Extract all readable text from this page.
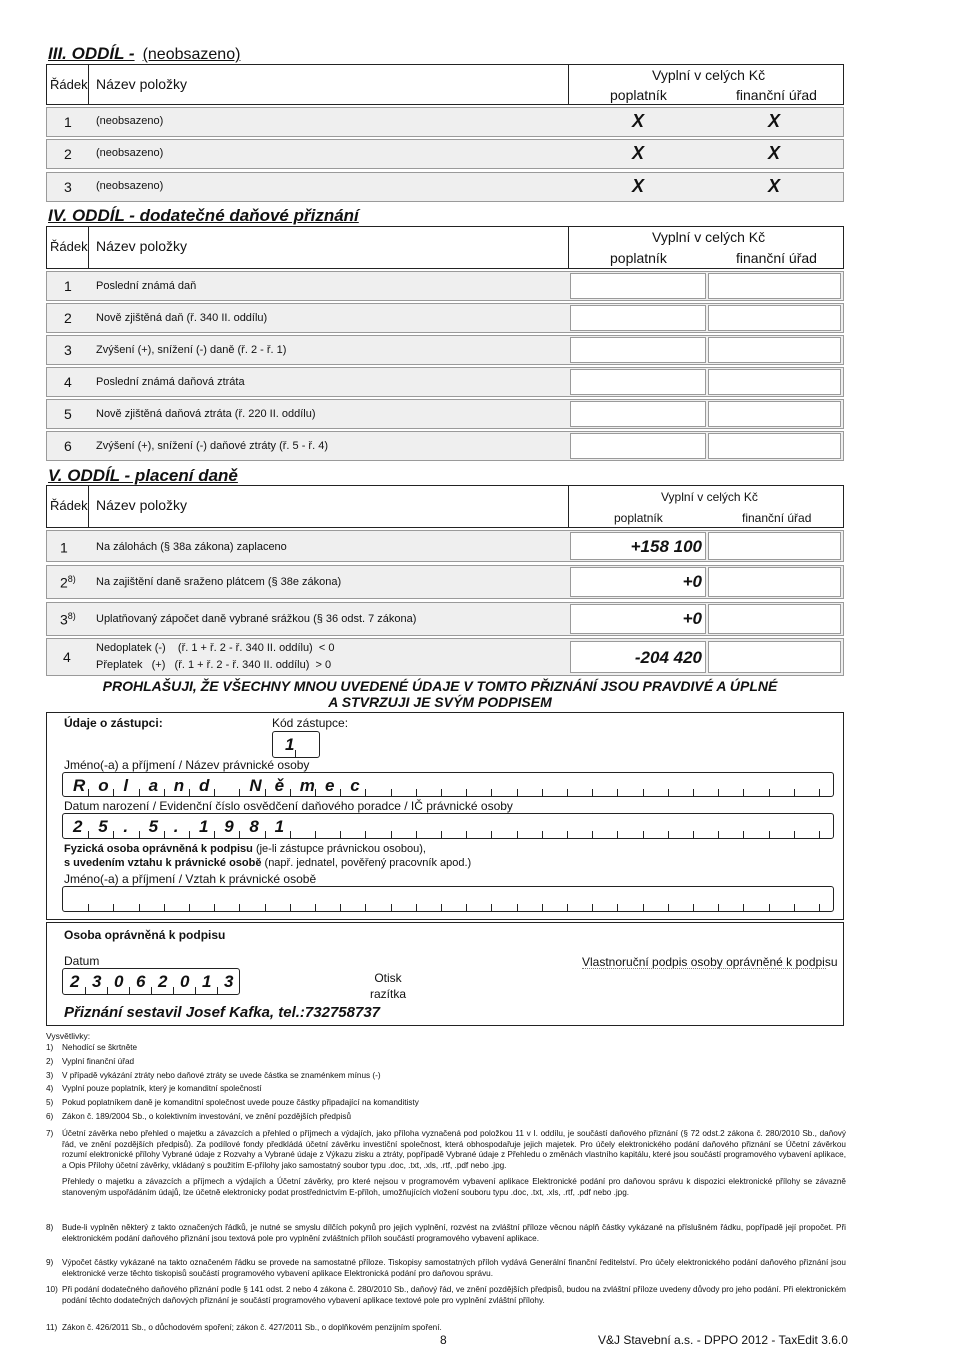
III. ODDÍL - (neobsazeno)
Řádek Název položky
Vyplní v celých Kč
poplatník	finanční úřad
1 (neobsazeno)	X	X
2 (neobsazeno)	X	X
3 (neobsazeno)	X	X
IV. ODDÍL - dodatečné daňové přiznání
Řádek Název položky
Vyplní v celých Kč
poplatník	finanční úřad
1 Poslední známá daň
2 Nově zjištěná daň (ř. 340 II. oddílu)
3 Zvýšení (+), snížení (-) daně (ř. 2 - ř. 1)
4 Poslední známá daňová ztráta
5 Nově zjištěná daňová ztráta (ř. 220 II. oddílu)
6 Zvýšení (+), snížení (-) daňové ztráty (ř. 5 - ř. 4)
V. ODDÍL - placení daně
Řádek Název položky	Vyplní v celých Kč
poplatník	finanční úřad
1	Na zálohách (§ 38a zákona) zaplaceno	+158 100
2$^{8)}$ Na zajištění daně sraženo plátcem (§ 38e zákona)	+0
3$^{8)}$ Uplatňovaný zápočet daně vybrané srážkou (§ 36 odst. 7 zákona)	+0
4
Nedoplatek (-)    (ř. 1 + ř. 2 - ř. 340 II. oddílu)  < 0
Přeplatek   (+)   (ř. 1 + ř. 2 - ř. 340 II. oddílu)  > 0	-204 420
PROHLAŠUJI, ŽE VŠECHNY MNOU UVEDENÉ ÚDAJE V TOMTO PŘIZNÁNÍ JSOU PRAVDIVÉ A ÚPLNÉ
A STVRZUJI JE SVÝM PODPISEM
Údaje o zástupci:	Kód zástupce:
1
Jméno(-a) a příjmení / Název právnické osoby
R o l a n d N ě m e c
Datum narození / Evidenční číslo osvědčení daňového poradce / IČ právnické osoby
2 5 . 5 . 1 9 8 1
Fyzická osoba oprávněná k podpisu (je-li zástupce právnickou osobou),
s uvedením vztahu k právnické osobě (např. jednatel, pověřený pracovník apod.)
Jméno(-a) a příjmení / Vztah k právnické osobě
Osoba oprávněná k podpisu
Datum
2 3 0 6 2 0 1 3	Otisk
razítka
Vlastnoruční podpis osoby oprávněné k podpisu
Přiznání sestavil Josef Kafka, tel.:732758737
Vysvětlivky:
1) Nehodící se škrtněte
2) Vyplní finanční úřad
3) V případě vykázání ztráty nebo daňové ztráty se uvede částka se znaménkem mínus (-)
4) Vyplní pouze poplatník, který je komanditní společností
5) Pokud poplatníkem daně je komanditní společnost uvede pouze částky připadající na komanditisty
6) Zákon č. 189/2004 Sb., o kolektivním investování, ve znění pozdějších předpisů
7) Účetní závěrka nebo přehled o majetku a závazcích a přehled o příjmech a výdajích, jako příloha vyznačená pod položkou 11 v I. oddílu, je součástí daňového přiznání (§ 72 odst.2 zákona č. 280/2010 Sb., daňový řád, ve znění pozdějších předpisů). Za podílové fondy předkládá účetní závěrku investiční společnost, která obhospodařuje jejich majetek. Pro účely elektronického podání daňového přiznání se Účetní závěrkou rozumí elektronické přílohy Vybrané údaje z Rozvahy a Vybrané údaje z Výkazu zisku a ztráty, popřípadě Vybrané údaje z Přehledu o změnách vlastního kapitálu, které jsou součástí programového vybavení aplikace, a Opis Přílohy účetní závěrky, vkládaný s použitím E-přílohy jako samostatný soubor typu .doc, .txt, .xls, .rtf, .pdf nebo .jpg.
Přehledy o majetku a závazcích a příjmech a výdajích a Účetní závěrky, pro které nejsou v programovém vybavení aplikace Elektronické podání pro daňovou správu k dispozici elektronické přílohy se závazně stanoveným uspořádáním údajů, lze účetně elektronicky podat prostřednictvím E-příloh, umožňujících vložení souboru typu .doc, .txt, .xls, .rtf, .pdf nebo .jpg.
8) Bude-li vyplněn některý z takto označených řádků, je nutné se smyslu dílčích pokynů pro jejich vyplnění, rozvést na zvláštní příloze věcnou náplň částky vykázané na příslušném řádku, popřípadě její propočet. Při elektronickém podání daňového přiznání jsou textová pole pro vyplnění zvláštních příloh součástí programového vybavení aplikace.
9) Výpočet částky vykázané na takto označeném řádku se provede na samostatné příloze. Tiskopisy samostatných příloh vydává Generální finanční ředitelství. Pro účely elektronického podání daňového přiznání jsou elektronické verze těchto tiskopisů součástí programového vybavení aplikace Elektronická podání pro daňovou správu.
10) Při podání dodatečného daňového přiznání podle § 141 odst. 2 nebo 4 zákona č. 280/2010 Sb., daňový řád, ve znění pozdějších předpisů, budou na zvláštní příloze uvedeny důvody pro jeho podání. Při elektronickém podání těchto dodatečných daňových přiznání je součástí programového vybavení aplikace textové pole pro vyplnění zvláštní přílohy.
11) Zákon č. 426/2011 Sb., o důchodovém spoření; zákon č. 427/2011 Sb., o doplňkovém penzijním spoření.
8	V&J Stavební a.s. - DPPO 2012 - TaxEdit 3.6.0
